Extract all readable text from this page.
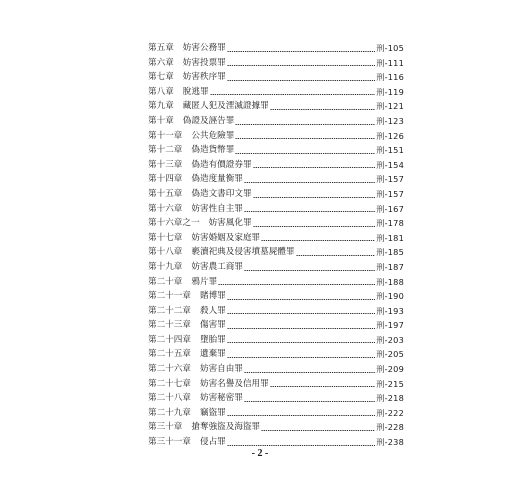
第五章 妨害公務罪	刑-105
第六章 妨害投票罪	刑-111
第七章 妨害秩序罪	刑-116
第八章 脫逃罪	刑-119
第九章 藏匿人犯及湮滅證據罪	刑-121
第十章 偽證及誣告罪	刑-123
第十一章 公共危險罪	刑-126
第十二章 偽造貨幣罪	刑-151
第十三章 偽造有價證券罪	刑-154
第十四章 偽造度量衡罪	刑-157
第十五章 偽造文書印文罪	刑-157
第十六章 妨害性自主罪	刑-167
第十六章之一 妨害風化罪	刑-178
第十七章 妨害婚姻及家庭罪	刑-181
第十八章 褻瀆祀典及侵害墳墓屍體罪	刑-185
第十九章 妨害農工商罪	刑-187
第二十章 鴉片罪	刑-188
第二十一章 賭博罪	刑-190
第二十二章 殺人罪	刑-193
第二十三章 傷害罪	刑-197
第二十四章 墮胎罪	刑-203
第二十五章 遺棄罪	刑-205
第二十六章 妨害自由罪	刑-209
第二十七章 妨害名譽及信用罪	刑-215
第二十八章 妨害秘密罪	刑-218
第二十九章 竊盜罪	刑-222
第三十章 搶奪強盜及海盜罪	刑-228
第三十一章 侵占罪	刑-238
- 2 -
